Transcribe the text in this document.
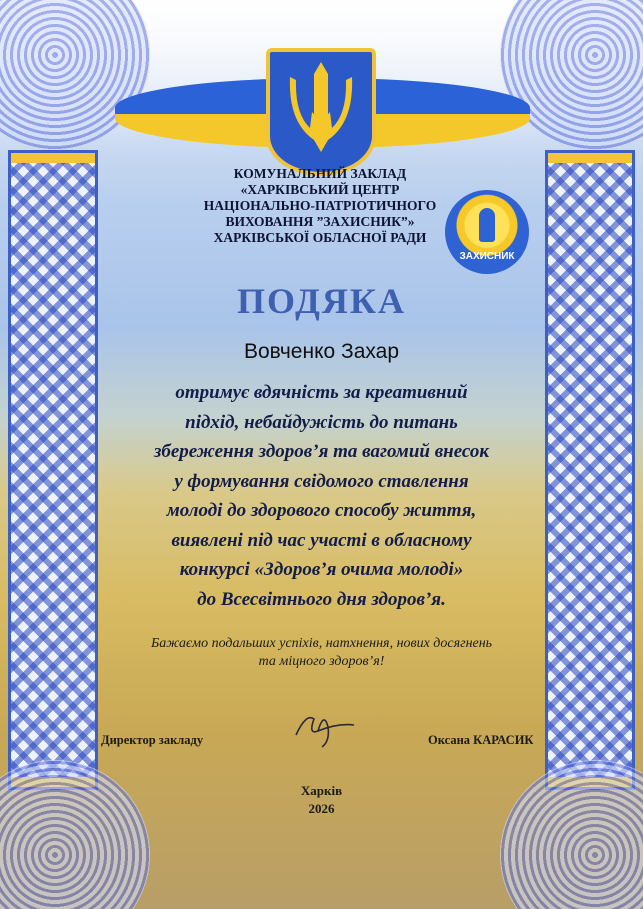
КОМУНАЛЬНИЙ ЗАКЛАД
«ХАРКІВСЬКИЙ ЦЕНТР
НАЦІОНАЛЬНО-ПАТРІОТИЧНОГО
ВИХОВАННЯ ”ЗАХИСНИК”»
ХАРКІВСЬКОЇ ОБЛАСНОЇ РАДИ
ЗАХИСНИК
ПОДЯКА
Вовченко Захар
отримує вдячність за креативний
підхід, небайдужість до питань
збереження здоров’я та вагомий внесок
у формування свідомого ставлення
молоді до здорового способу життя,
виявлені під час участі в обласному
конкурсі «Здоров’я очима молоді»
до Всесвітнього дня здоров’я.
Бажаємо подальших успіхів, натхнення, нових досягнень
та міцного здоров’я!
Директор закладу	Оксана КАРАСИК
Харків
2026
